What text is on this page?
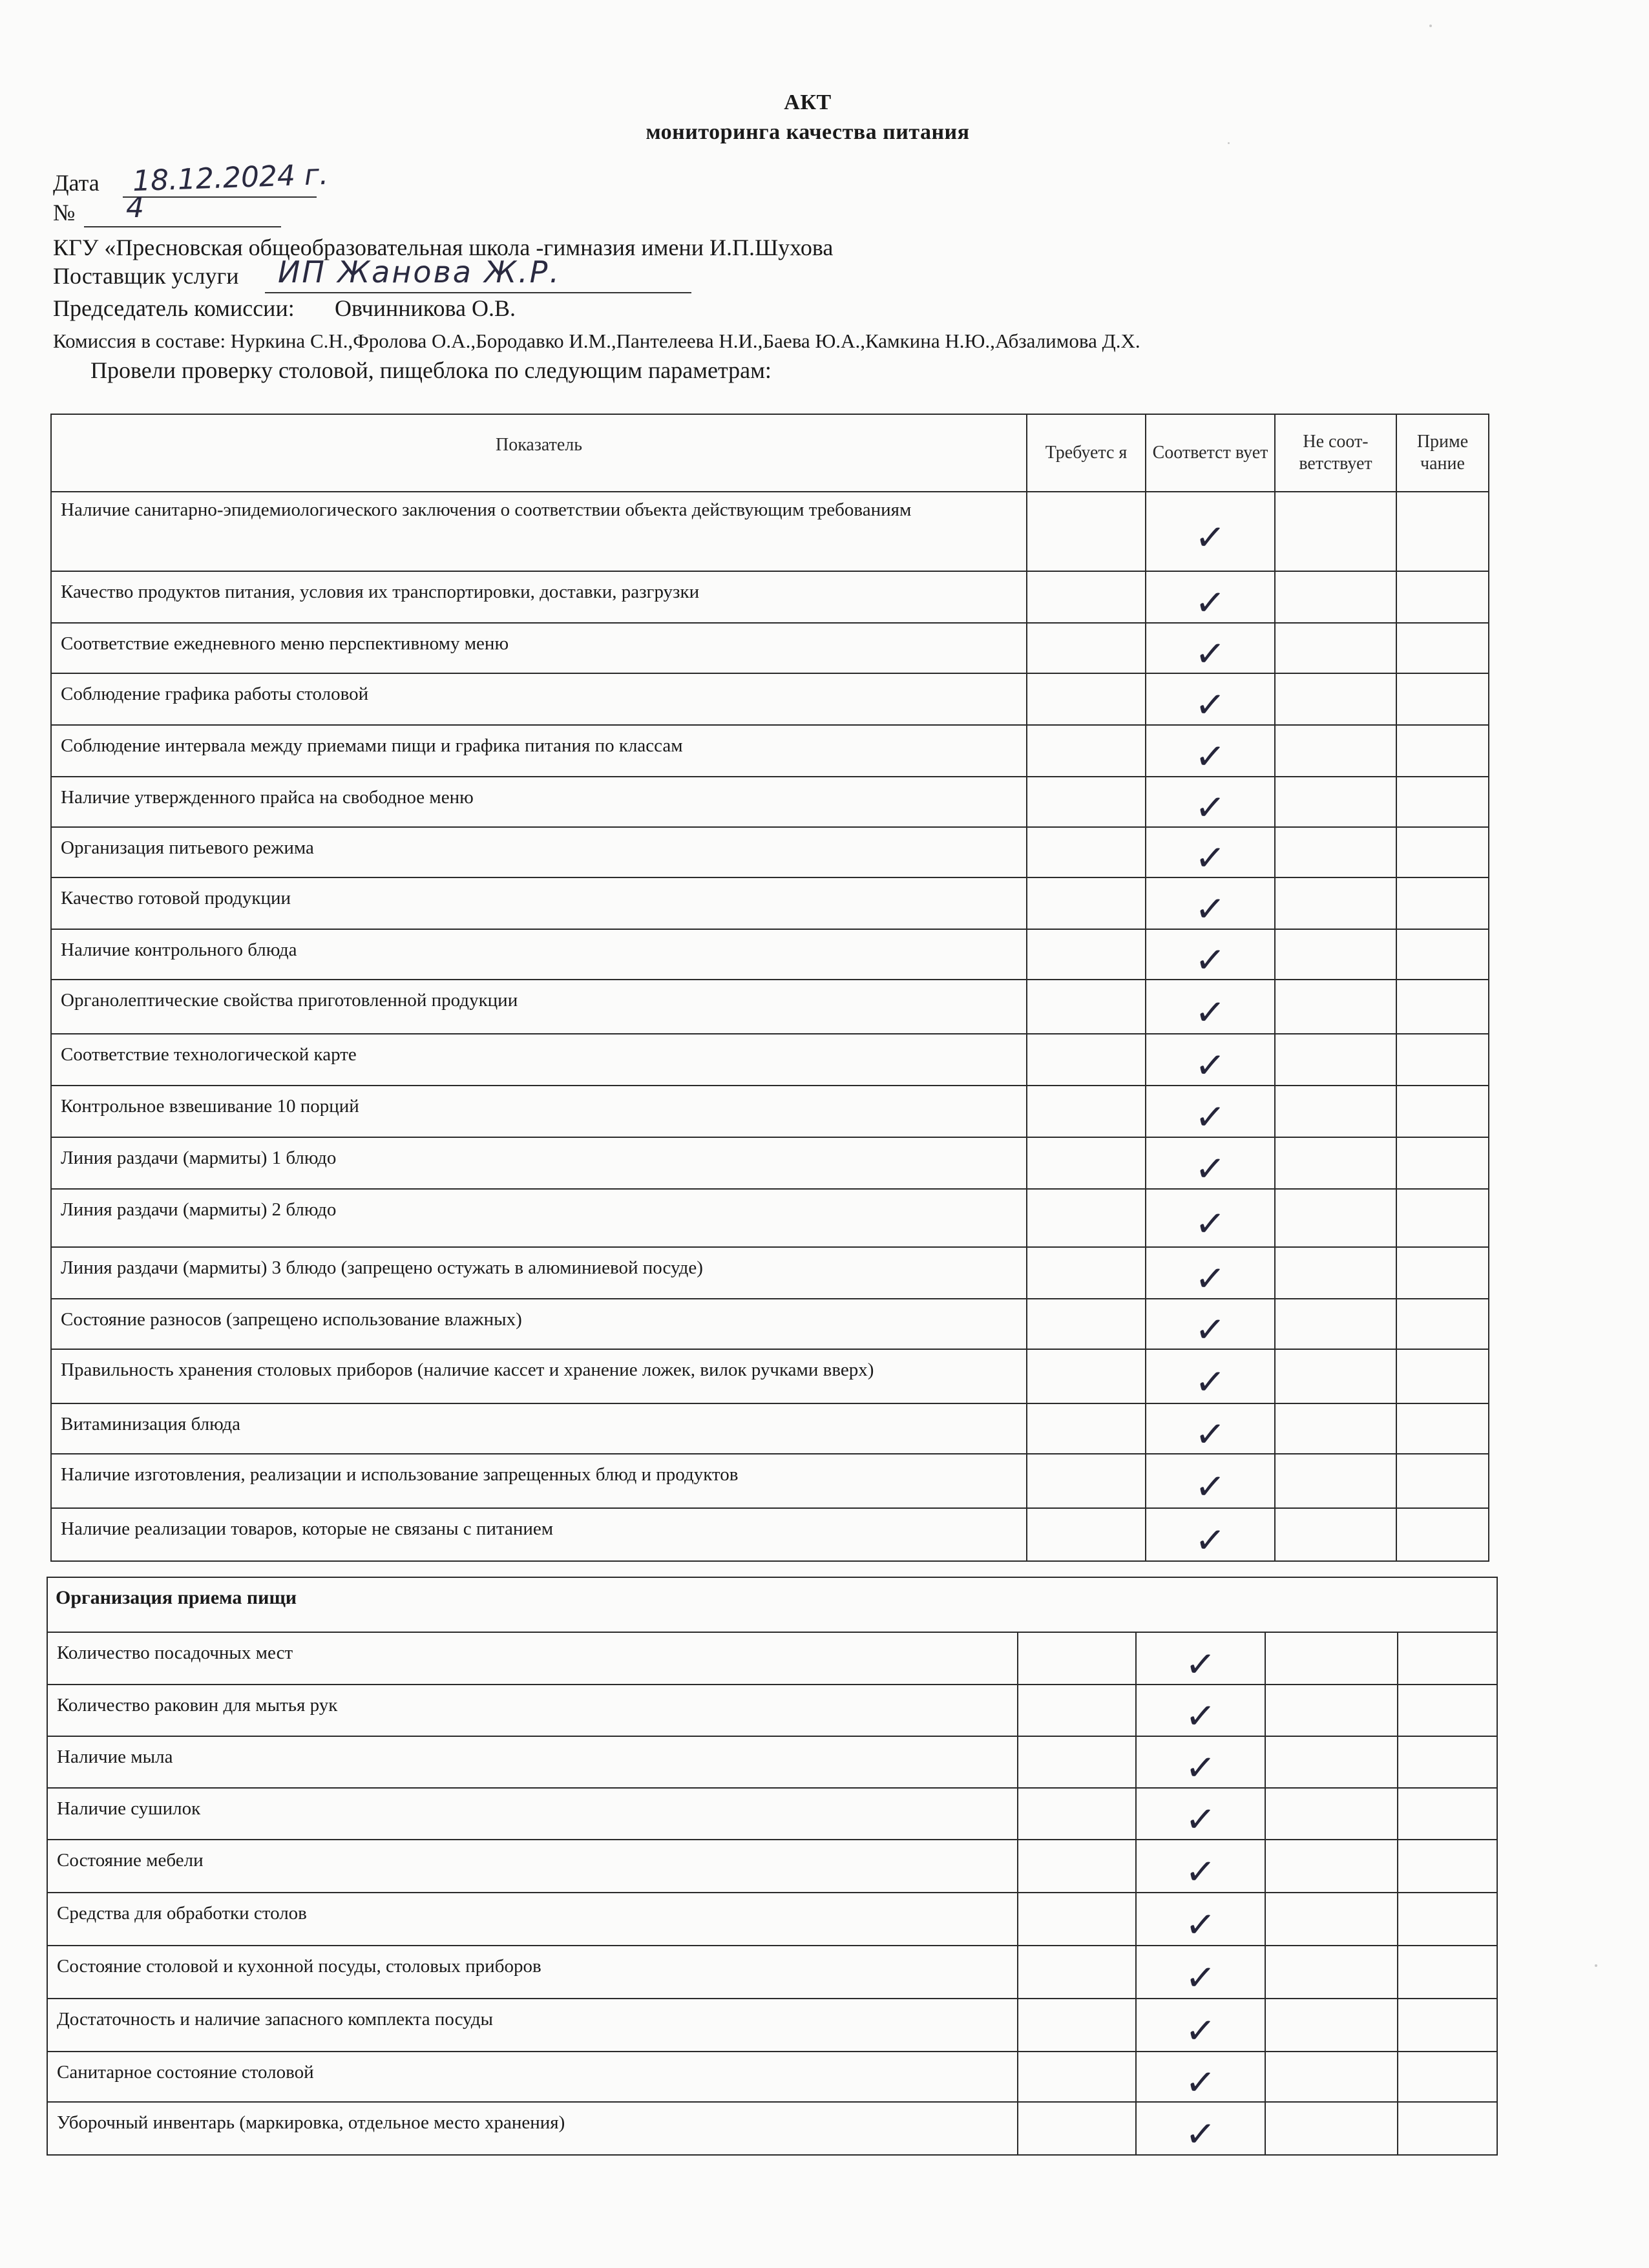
АКТ
мониторинга качества питания
Дата 18.12.2024 г.
№ 4
КГУ «Пресновская общеобразовательная школа -гимназия имени И.П.Шухова
Поставщик услуги ИП Жанова Ж.Р.
Председатель комиссии: Овчинникова О.В.
Комиссия в составе: Нуркина С.Н.,Фролова О.А.,Бородавко И.М.,Пантелеева Н.И.,Баева Ю.А.,Камкина Н.Ю.,Абзалимова Д.Х.
Провели проверку столовой, пищеблока по следующим параметрам:
Показатель	Требуетс я	Соответст вует	Не соот- ветствует	Приме чание
Наличие санитарно-эпидемиологического заключения о соответствии объекта действующим требованиям		✓		
Качество продуктов питания, условия их транспортировки, доставки, разгрузки		✓		
Соответствие ежедневного меню перспективному меню		✓		
Соблюдение графика работы столовой		✓		
Соблюдение интервала между приемами пищи и графика питания по классам		✓		
Наличие утвержденного прайса на свободное меню		✓		
Организация питьевого режима		✓		
Качество готовой продукции		✓		
Наличие контрольного блюда		✓		
Органолептические свойства приготовленной продукции		✓		
Соответствие технологической карте		✓		
Контрольное взвешивание 10 порций		✓		
Линия раздачи (мармиты) 1 блюдо		✓		
Линия раздачи (мармиты) 2 блюдо		✓		
Линия раздачи (мармиты) 3 блюдо (запрещено остужать в алюминиевой посуде)		✓		
Состояние разносов (запрещено использование влажных)		✓		
Правильность хранения столовых приборов (наличие кассет и хранение ложек, вилок ручками вверх)		✓		
Витаминизация блюда		✓		
Наличие изготовления, реализации и использование запрещенных блюд и продуктов		✓		
Наличие реализации товаров, которые не связаны с питанием		✓		
Организация приема пищи				
Количество посадочных мест		✓		
Количество раковин для мытья рук		✓		
Наличие мыла		✓		
Наличие сушилок		✓		
Состояние мебели		✓		
Средства для обработки столов		✓		
Состояние столовой и кухонной посуды, столовых приборов		✓		
Достаточность и наличие запасного комплекта посуды		✓		
Санитарное состояние столовой		✓		
Уборочный инвентарь (маркировка, отдельное место хранения)		✓		
